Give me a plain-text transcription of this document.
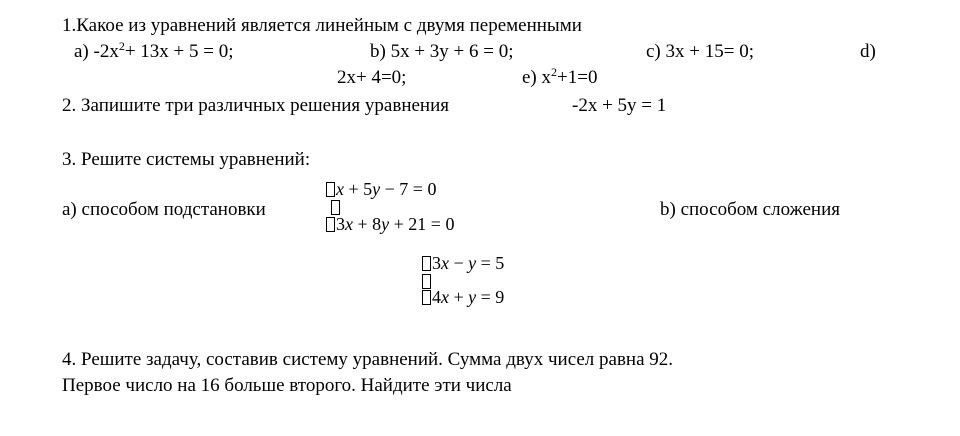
1.Какое из уравнений является линейным с двумя переменными
а) $-2х^2+ 13х + 5 = 0$;	b) 5x + 3y + 6 = 0;	c) 3x + 15= 0;	d)
2x+ 4=0;	e) $x^2+1=0$
2. Запишите три различных решения уравнения	-2x + 5y = 1
3. Решите системы уравнений:
а) способом подстановки	b) способом сложения
x + 5y − 7 = 0
3x + 8y + 21 = 0
3x − y = 5
4x + y = 9
4. Решите задачу, составив систему уравнений. Сумма двух чисел равна 92.
Первое число на 16 больше второго. Найдите эти числа
